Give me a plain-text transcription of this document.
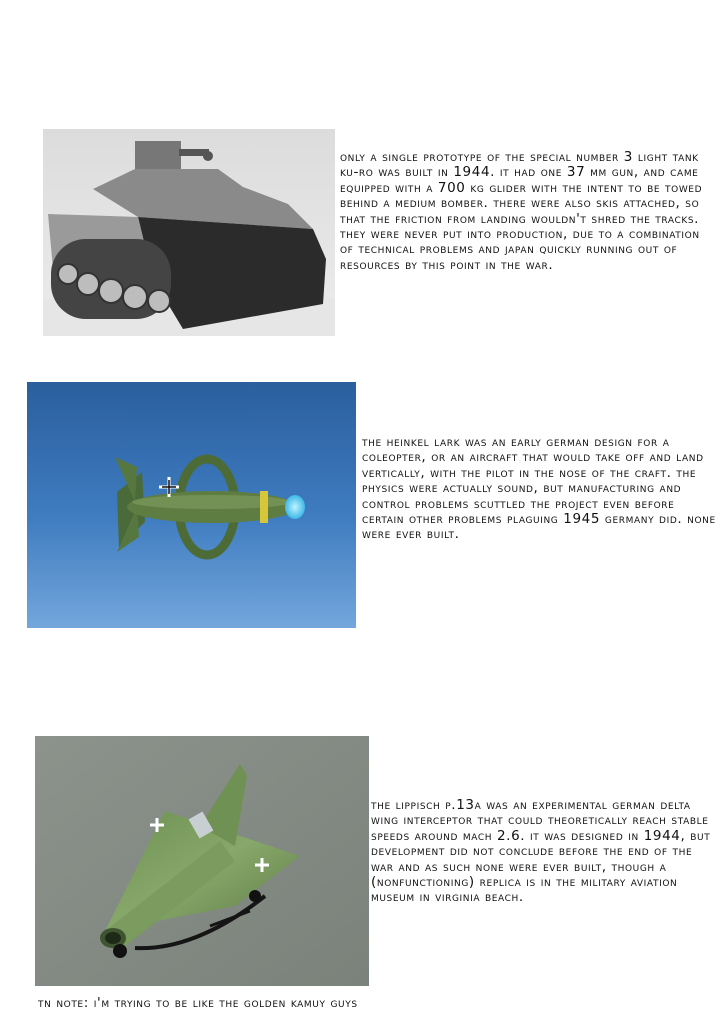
only a single prototype of the special number 3 light tank ku-ro was built in 1944. it had one 37 mm gun, and came equipped with a 700 kg glider with the intent to be towed behind a medium bomber. there were also skis attached, so that the friction from landing wouldn't shred the tracks. they were never put into production, due to a combination of technical problems and japan quickly running out of resources by this point in the war.

the heinkel lark was an early german design for a coleopter, or an aircraft that would take off and land vertically, with the pilot in the nose of the craft. the physics were actually sound, but manufacturing and control problems scuttled the project even before certain other problems plaguing 1945 germany did. none were ever built.

the lippisch p.13a was an experimental german delta wing interceptor that could theoretically reach stable speeds around mach 2.6. it was designed in 1944, but development did not conclude before the end of the war and as such none were ever built, though a (nonfunctioning) replica is in the military aviation museum in virginia beach.

tn note: i'm trying to be like the golden kamuy guys
